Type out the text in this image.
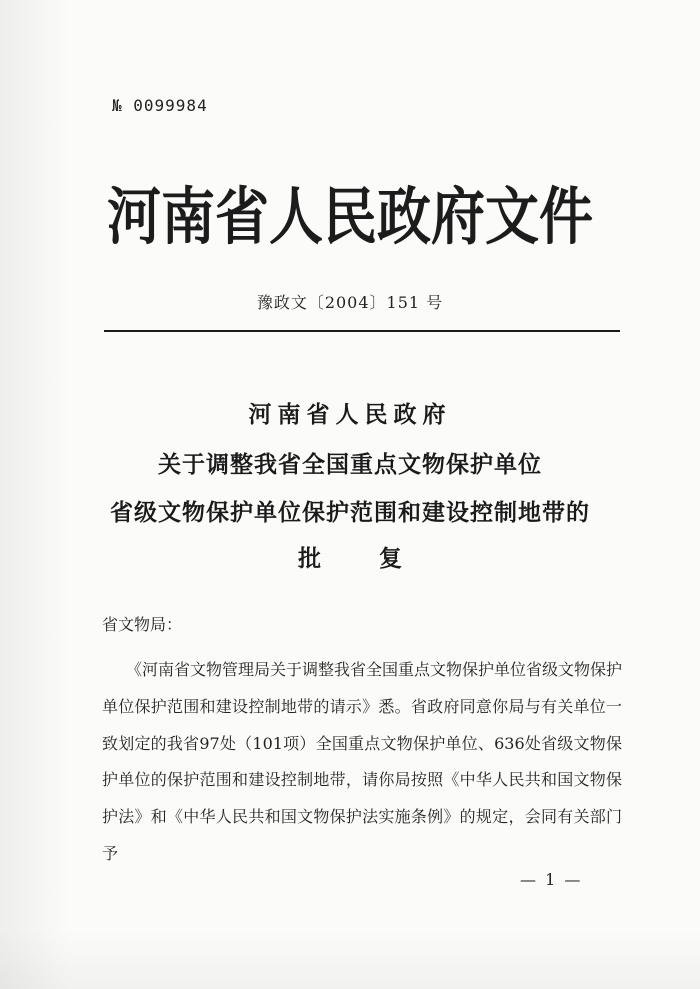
№ 0099984
河南省人民政府文件
豫政文〔2004〕151 号
河南省人民政府
关于调整我省全国重点文物保护单位
省级文物保护单位保护范围和建设控制地带的
批复
省文物局：

《河南省文物管理局关于调整我省全国重点文物保护单位省级文物保护单位保护范围和建设控制地带的请示》悉。省政府同意你局与有关单位一致划定的我省97处（101项）全国重点文物保护单位、636处省级文物保护单位的保护范围和建设控制地带，请你局按照《中华人民共和国文物保护法》和《中华人民共和国文物保护法实施条例》的规定，会同有关部门予

— 1 —
